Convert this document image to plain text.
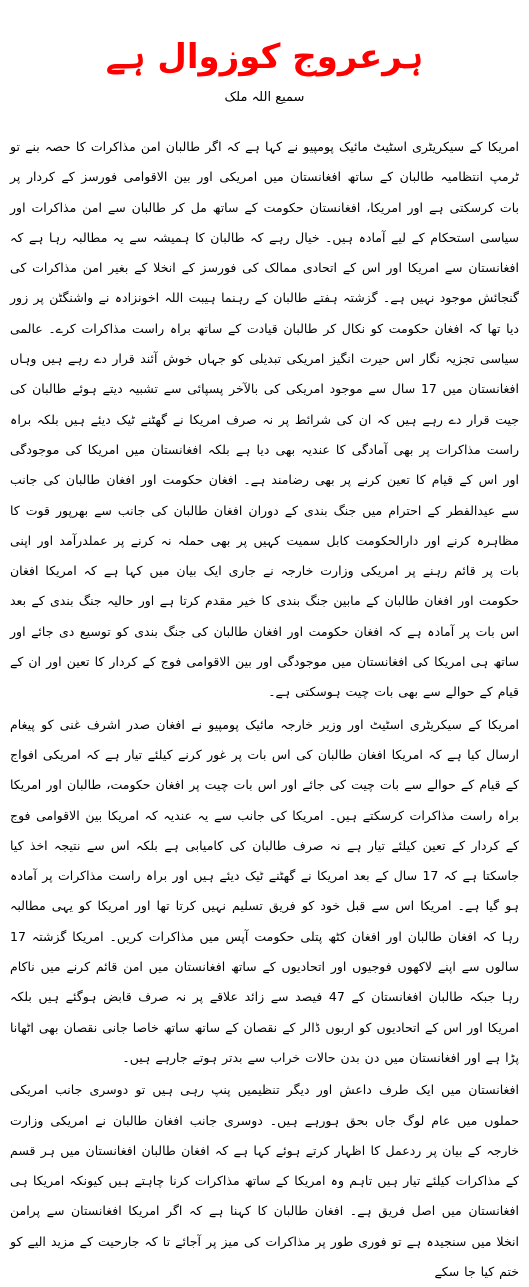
ہرعروج کوزوال ہے
سمیع اللہ ملک

امریکا کے سیکریٹری اسٹیٹ مائیک پومپیو نے کہا ہے کہ اگر طالبان امن مذاکرات کا حصہ بنے تو ٹرمپ انتظامیہ طالبان کے ساتھ افغانستان میں امریکی اور بین الاقوامی فورسز کے کردار پر بات کرسکتی ہے اور امریکا، افغانستان حکومت کے ساتھ مل کر طالبان سے امن مذاکرات اور سیاسی استحکام کے لیے آمادہ ہیں۔ خیال رہے کہ طالبان کا ہمیشہ سے یہ مطالبہ رہا ہے کہ افغانستان سے امریکا اور اس کے اتحادی ممالک کی فورسز کے انخلا کے بغیر امن مذاکرات کی گنجائش موجود نہیں ہے۔ گزشتہ ہفتے طالبان کے رہنما ہیبت اللہ اخونزادہ نے واشنگٹن پر زور دیا تھا کہ افغان حکومت کو نکال کر طالبان قیادت کے ساتھ براہ راست مذاکرات کرے۔ عالمی سیاسی تجزیہ نگار اس حیرت انگیز امریکی تبدیلی کو جہاں خوش آئند قرار دے رہے ہیں وہاں افغانستان میں 17 سال سے موجود امریکی کی بالآخر پسپائی سے تشبیہ دیتے ہوئے طالبان کی جیت قرار دے رہے ہیں کہ ان کی شرائط پر نہ صرف امریکا نے گھٹنے ٹیک دیئے ہیں بلکہ براہ راست مذاکرات پر بھی آمادگی کا عندیہ بھی دیا ہے بلکہ افغانستان میں امریکا کی موجودگی اور اس کے قیام کا تعین کرنے پر بھی رضامند ہے۔ افغان حکومت اور افغان طالبان کی جانب سے عیدالفطر کے احترام میں جنگ بندی کے دوران افغان طالبان کی جانب سے بھرپور قوت کا مظاہرہ کرنے اور دارالحکومت کابل سمیت کہیں پر بھی حملہ نہ کرنے پر عملدرآمد اور اپنی بات پر قائم رہنے پر امریکی وزارت خارجہ نے جاری ایک بیان میں کہا ہے کہ امریکا افغان حکومت اور افغان طالبان کے مابین جنگ بندی کا خیر مقدم کرتا ہے اور حالیہ جنگ بندی کے بعد اس بات پر آمادہ ہے کہ افغان حکومت اور افغان طالبان کی جنگ بندی کو توسیع دی جائے اور ساتھ ہی امریکا کی افغانستان میں موجودگی اور بین الاقوامی فوج کے کردار کا تعین اور ان کے قیام کے حوالے سے بھی بات چیت ہوسکتی ہے۔

امریکا کے سیکریٹری اسٹیٹ اور وزیر خارجہ مائیک پومپیو نے افغان صدر اشرف غنی کو پیغام ارسال کیا ہے کہ امریکا افغان طالبان کی اس بات پر غور کرنے کیلئے تیار ہے کہ امریکی افواج کے قیام کے حوالے سے بات چیت کی جائے اور اس بات چیت پر افغان حکومت، طالبان اور امریکا براہ راست مذاکرات کرسکتے ہیں۔ امریکا کی جانب سے یہ عندیہ کہ امریکا بین الاقوامی فوج کے کردار کے تعین کیلئے تیار ہے نہ صرف طالبان کی کامیابی ہے بلکہ اس سے نتیجہ اخذ کیا جاسکتا ہے کہ 17 سال کے بعد امریکا نے گھٹنے ٹیک دیئے ہیں اور براہ راست مذاکرات پر آمادہ ہو گیا ہے۔ امریکا اس سے قبل خود کو فریق تسلیم نہیں کرتا تھا اور امریکا کو یہی مطالبہ رہا کہ افغان طالبان اور افغان کٹھ پتلی حکومت آپس میں مذاکرات کریں۔ امریکا گزشتہ 17 سالوں سے اپنے لاکھوں فوجیوں اور اتحادیوں کے ساتھ افغانستان میں امن قائم کرنے میں ناکام رہا جبکہ طالبان افغانستان کے 47 فیصد سے زائد علاقے پر نہ صرف قابض ہوگئے ہیں بلکہ امریکا اور اس کے اتحادیوں کو اربوں ڈالر کے نقصان کے ساتھ ساتھ خاصا جانی نقصان بھی اٹھانا پڑا ہے اور افغانستان میں دن بدن حالات خراب سے بدتر ہوتے جارہے ہیں۔

افغانستان میں ایک طرف داعش اور دیگر تنظیمیں پنپ رہی ہیں تو دوسری جانب امریکی حملوں میں عام لوگ جاں بحق ہورہے ہیں۔ دوسری جانب افغان طالبان نے امریکی وزارت خارجہ کے بیان پر ردعمل کا اظہار کرتے ہوئے کہا ہے کہ افغان طالبان افغانستان میں ہر قسم کے مذاکرات کیلئے تیار ہیں تاہم وہ امریکا کے ساتھ مذاکرات کرنا چاہتے ہیں کیونکہ امریکا ہی افغانستان میں اصل فریق ہے۔ افغان طالبان کا کہنا ہے کہ اگر امریکا افغانستان سے پرامن انخلا میں سنجیدہ ہے تو فوری طور پر مذاکرات کی میز پر آجائے تا کہ جارحیت کے مزید الیے کو ختم کیا جا سکے
